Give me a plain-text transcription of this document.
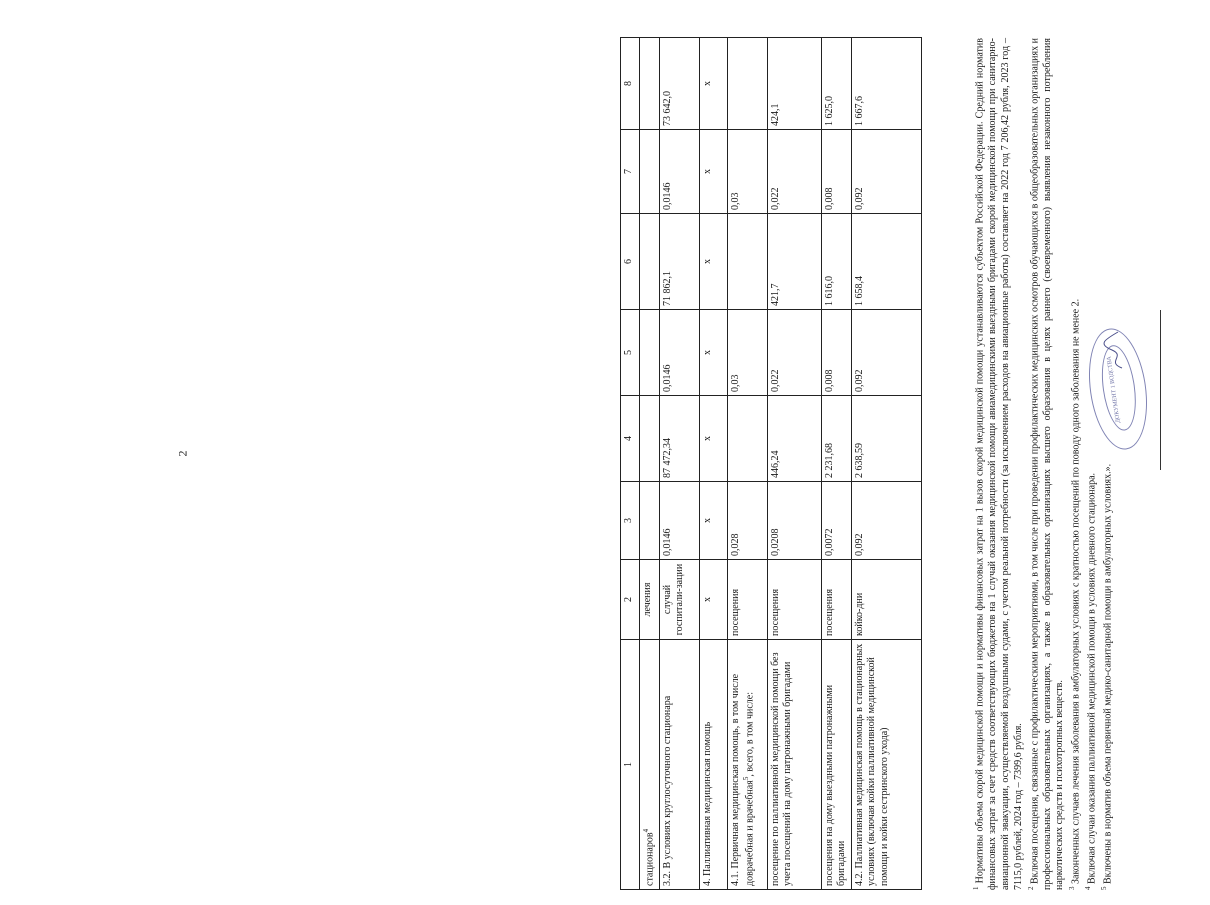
2
1	2	3	4	5	6	7	8
стационаров$^4$	лечения						
3.2. В условиях круглосуточного стационара	случай госпитали-зации	0,0146	87 472,34	0,0146	71 862,1	0,0146	73 642,0
4. Паллиативная медицинская помощь	х	х	х	х	х	х	х
4.1. Первичная медицинская помощь, в том числе доврачебная и врачебная$^5$, всего, в том числе:	посещения	0,028		0,03		0,03	
посещение по паллиативной медицинской помощи без учета посещений на дому патронажными бригадами	посещения	0,0208	446,24	0,022	421,7	0,022	424,1
посещения на дому выездными патронажными бригадами	посещения	0,0072	2 231,68	0,008	1 616,0	0,008	1 625,0
4.2. Паллиативная медицинская помощь в стационарных условиях (включая койки паллиативной медицинской помощи и койки сестринского ухода)	койко-дни	0,092	2 638,59	0,092	1 658,4	0,092	1 667,6

$^1$ Нормативы объема скорой медицинской помощи и нормативы финансовых затрат на 1 вызов скорой медицинской помощи устанавливаются субъектом Российской Федерации. Средний норматив финансовых затрат за счет средств соответствующих бюджетов на 1 случай оказания медицинской помощи авиамедицинскими выездными бригадами скорой медицинской помощи при санитарно-авиационной эвакуации, осуществляемой воздушными судами, с учетом реальной потребности (за исключением расходов на авиационные работы) составляет на 2022 год 7 206,42 рубля, 2023 год – 7115,0 рублей, 2024 год – 7399,6 рубля. $^2$ Включая посещения, связанные с профилактическими мероприятиями, в том числе при проведении профилактических медицинских осмотров обучающихся в общеобразовательных организациях и профессиональных образовательных организациях, а также в образовательных организациях высшего образования в целях раннего (своевременного) выявления незаконного потребления наркотических средств и психотропных веществ. $^3$ Законченных случаев лечения заболевания в амбулаторных условиях с кратностью посещений по поводу одного заболевания не менее 2.

$^4$ Включая случаи оказания паллиативной медицинской помощи в условиях дневного стационара.

$^5$ Включены в норматив объема первичной медико-санитарной помощи в амбулаторных условиях.».

ДОКУМЕНТ 1 ВОДСТВА
